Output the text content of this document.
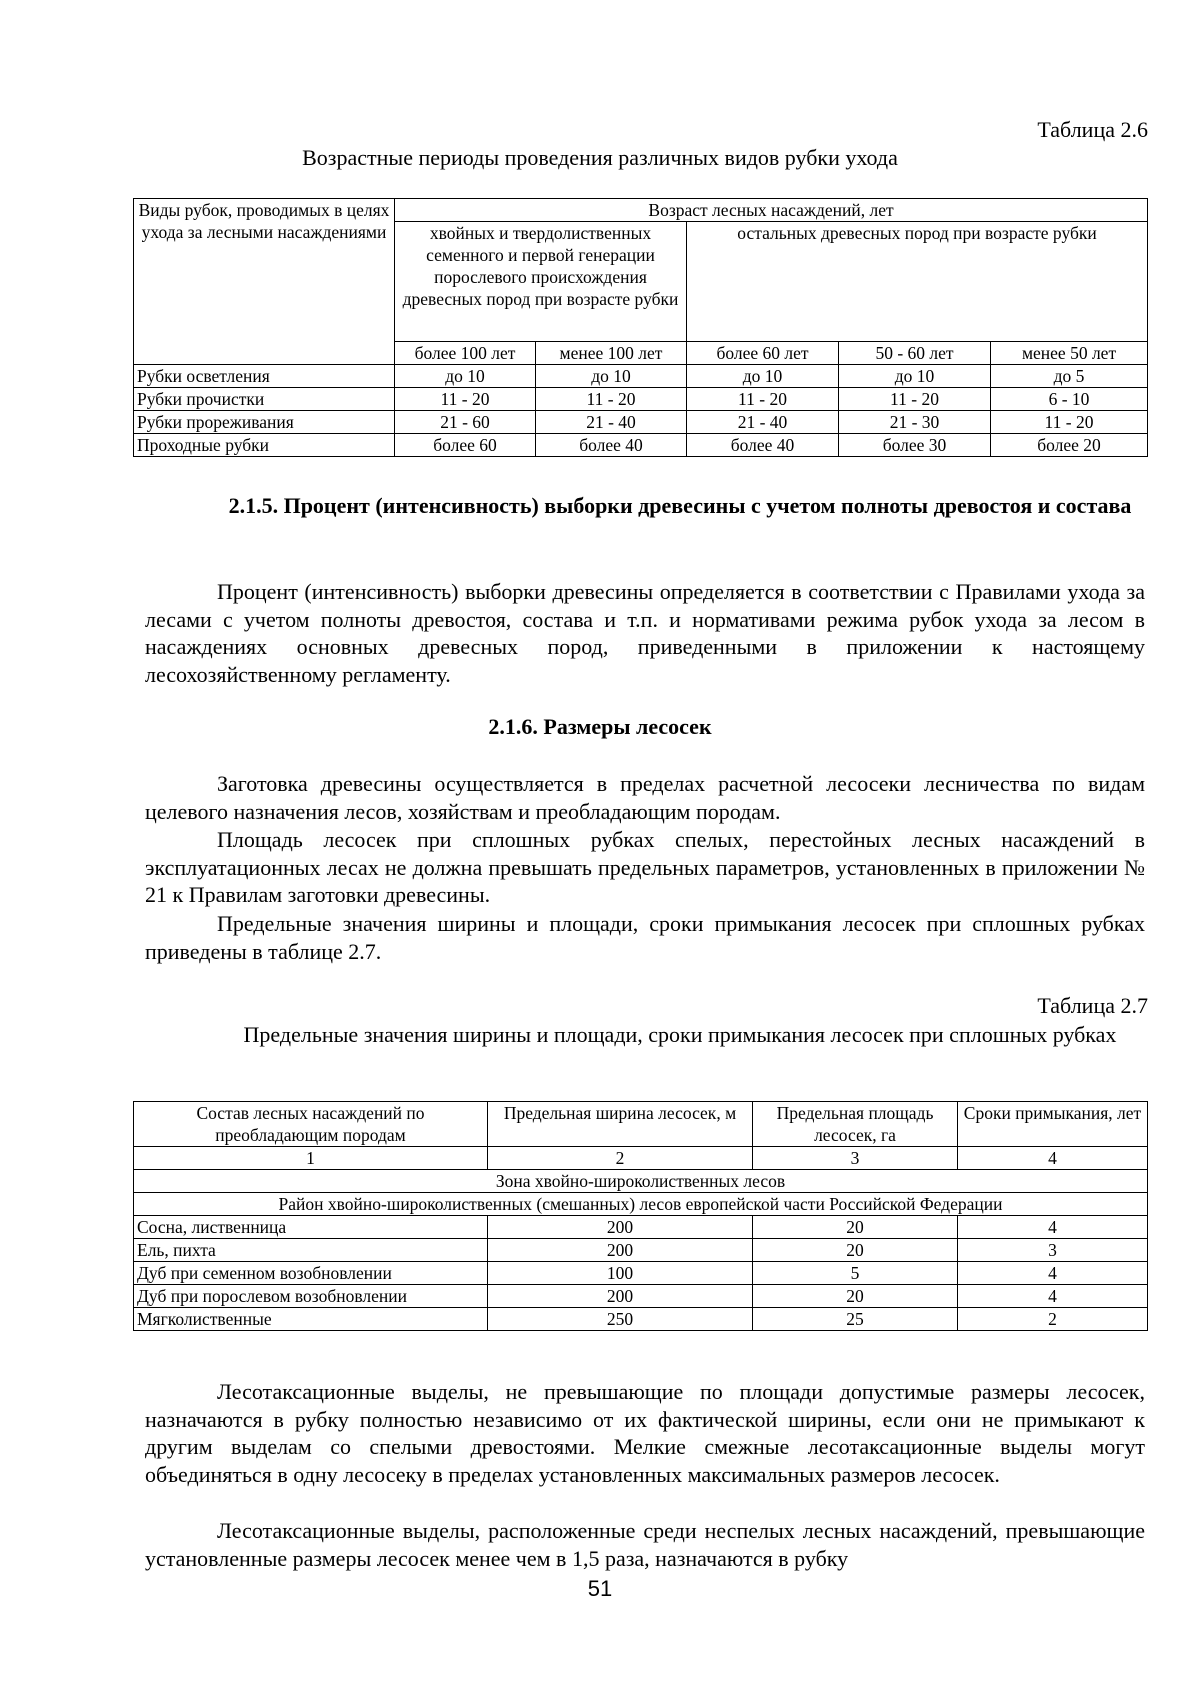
Таблица 2.6
Возрастные периоды проведения различных видов рубки ухода
Виды рубок, проводимых в целях ухода за лесными насаждениями	Возраст лесных насаждений, лет				
	хвойных и твердолиственных семенного и первой генерации порослевого происхождения древесных пород при возрасте рубки		остальных древесных пород при возрасте рубки		
	более 100 лет	менее 100 лет	более 60 лет	50 - 60 лет	менее 50 лет
Рубки осветления	до 10	до 10	до 10	до 10	до 5
Рубки прочистки	11 - 20	11 - 20	11 - 20	11 - 20	6 - 10
Рубки прореживания	21 - 60	21 - 40	21 - 40	21 - 30	11 - 20
Проходные рубки	более 60	более 40	более 40	более 30	более 20
2.1.5. Процент (интенсивность) выборки древесины с учетом полноты древостоя и состава
Процент (интенсивность) выборки древесины определяется в соответствии с Правилами ухода за лесами с учетом полноты древостоя, состава и т.п. и нормативами режима рубок ухода за лесом в насаждениях основных древесных пород, приведенными в приложении к настоящему лесохозяйственному регламенту.
2.1.6. Размеры лесосек
Заготовка древесины осуществляется в пределах расчетной лесосеки лесничества по видам целевого назначения лесов, хозяйствам и преобладающим породам.
Площадь лесосек при сплошных рубках спелых, перестойных лесных насаждений в эксплуатационных лесах не должна превышать предельных параметров, установленных в приложении № 21 к Правилам заготовки древесины.
Предельные значения ширины и площади, сроки примыкания лесосек при сплошных рубках приведены в таблице 2.7.
Таблица 2.7
Предельные значения ширины и площади, сроки примыкания лесосек при сплошных рубках
Состав лесных насаждений по преобладающим породам	Предельная ширина лесосек, м	Предельная площадь лесосек, га	Сроки примыкания, лет
1	2	3	4
Зона хвойно-широколиственных лесов			
Район хвойно-широколиственных (смешанных) лесов европейской части Российской Федерации			
Сосна, лиственница	200	20	4
Ель, пихта	200	20	3
Дуб при семенном возобновлении	100	5	4
Дуб при порослевом возобновлении	200	20	4
Мягколиственные	250	25	2
Лесотаксационные выделы, не превышающие по площади допустимые размеры лесосек, назначаются в рубку полностью независимо от их фактической ширины, если они не примыкают к другим выделам со спелыми древостоями. Мелкие смежные лесотаксационные выделы могут объединяться в одну лесосеку в пределах установленных максимальных размеров лесосек.
Лесотаксационные выделы, расположенные среди неспелых лесных насаждений, превышающие установленные размеры лесосек менее чем в 1,5 раза, назначаются в рубку
51
